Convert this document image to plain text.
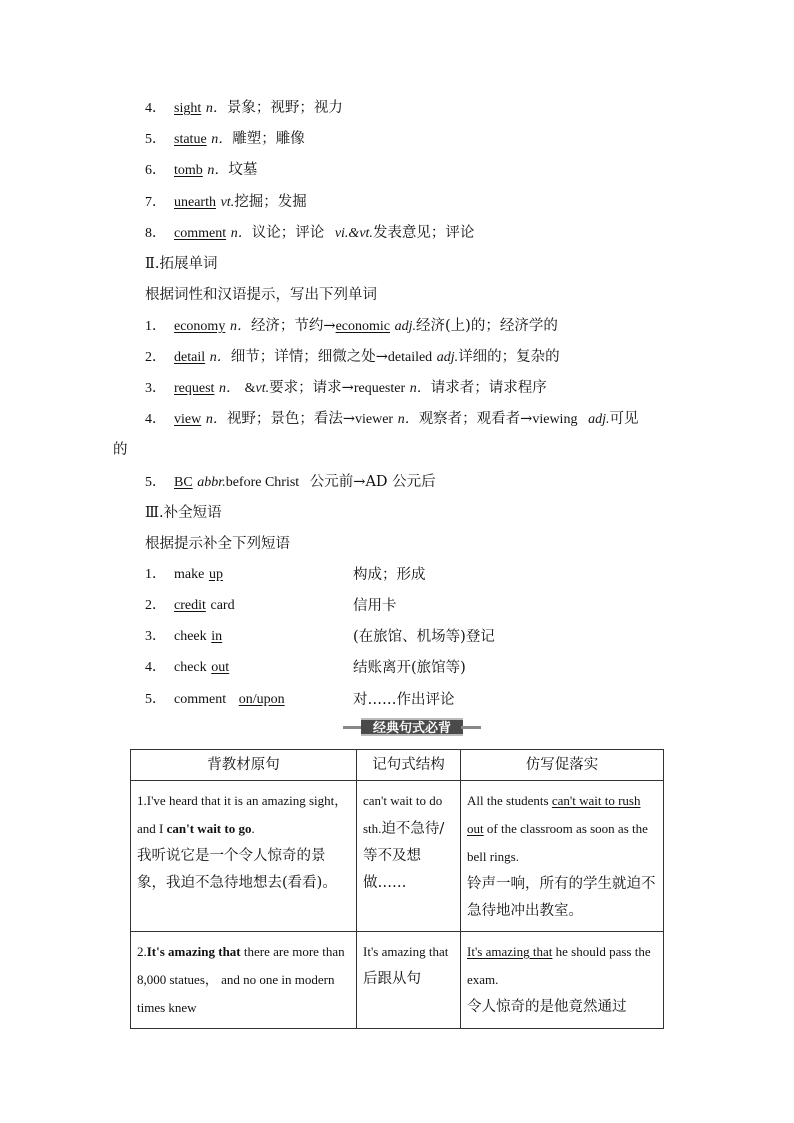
4． sight n．景象；视野；视力
5． statue n．雕塑；雕像
6． tomb n．坟墓
7． unearth vt.挖掘；发掘
8． comment n．议论；评论 vi.&vt.发表意见；评论
Ⅱ.拓展单词
根据词性和汉语提示，写出下列单词
1． economy n．经济；节约→economic adj.经济(上)的；经济学的
2． detail n．细节；详情；细微之处→detailed adj.详细的；复杂的
3． request n． &vt.要求；请求→requester n．请求者；请求程序
4． view n．视野；景色；看法→viewer n．观察者；观看者→viewing adj.可见
的
5． BC abbr.before Christ 公元前→AD 公元后
Ⅲ.补全短语
根据提示补全下列短语
1． make up	构成；形成
2． credit card	信用卡
3． cheek in	(在旅馆、机场等)登记
4． check out	结账离开(旅馆等)
5． comment on/upon	对……作出评论
经典句式必背
背教材原句	记句式结构	仿写促落实
1.I've heard that it is an amazing sight，and I can't wait to go.
我听说它是一个令人惊奇的景象，我迫不急待地想去(看看)。	can't wait to do sth.迫不急待/等不及想做……	All the students can't wait to rush out of the classroom as soon as the bell rings.
铃声一响，所有的学生就迫不急待地冲出教室。
2.It's amazing that there are more than 8,000 statues， and no one in modern times knew	It's amazing that 后跟从句	It's amazing that he should pass the exam.
令人惊奇的是他竟然通过
